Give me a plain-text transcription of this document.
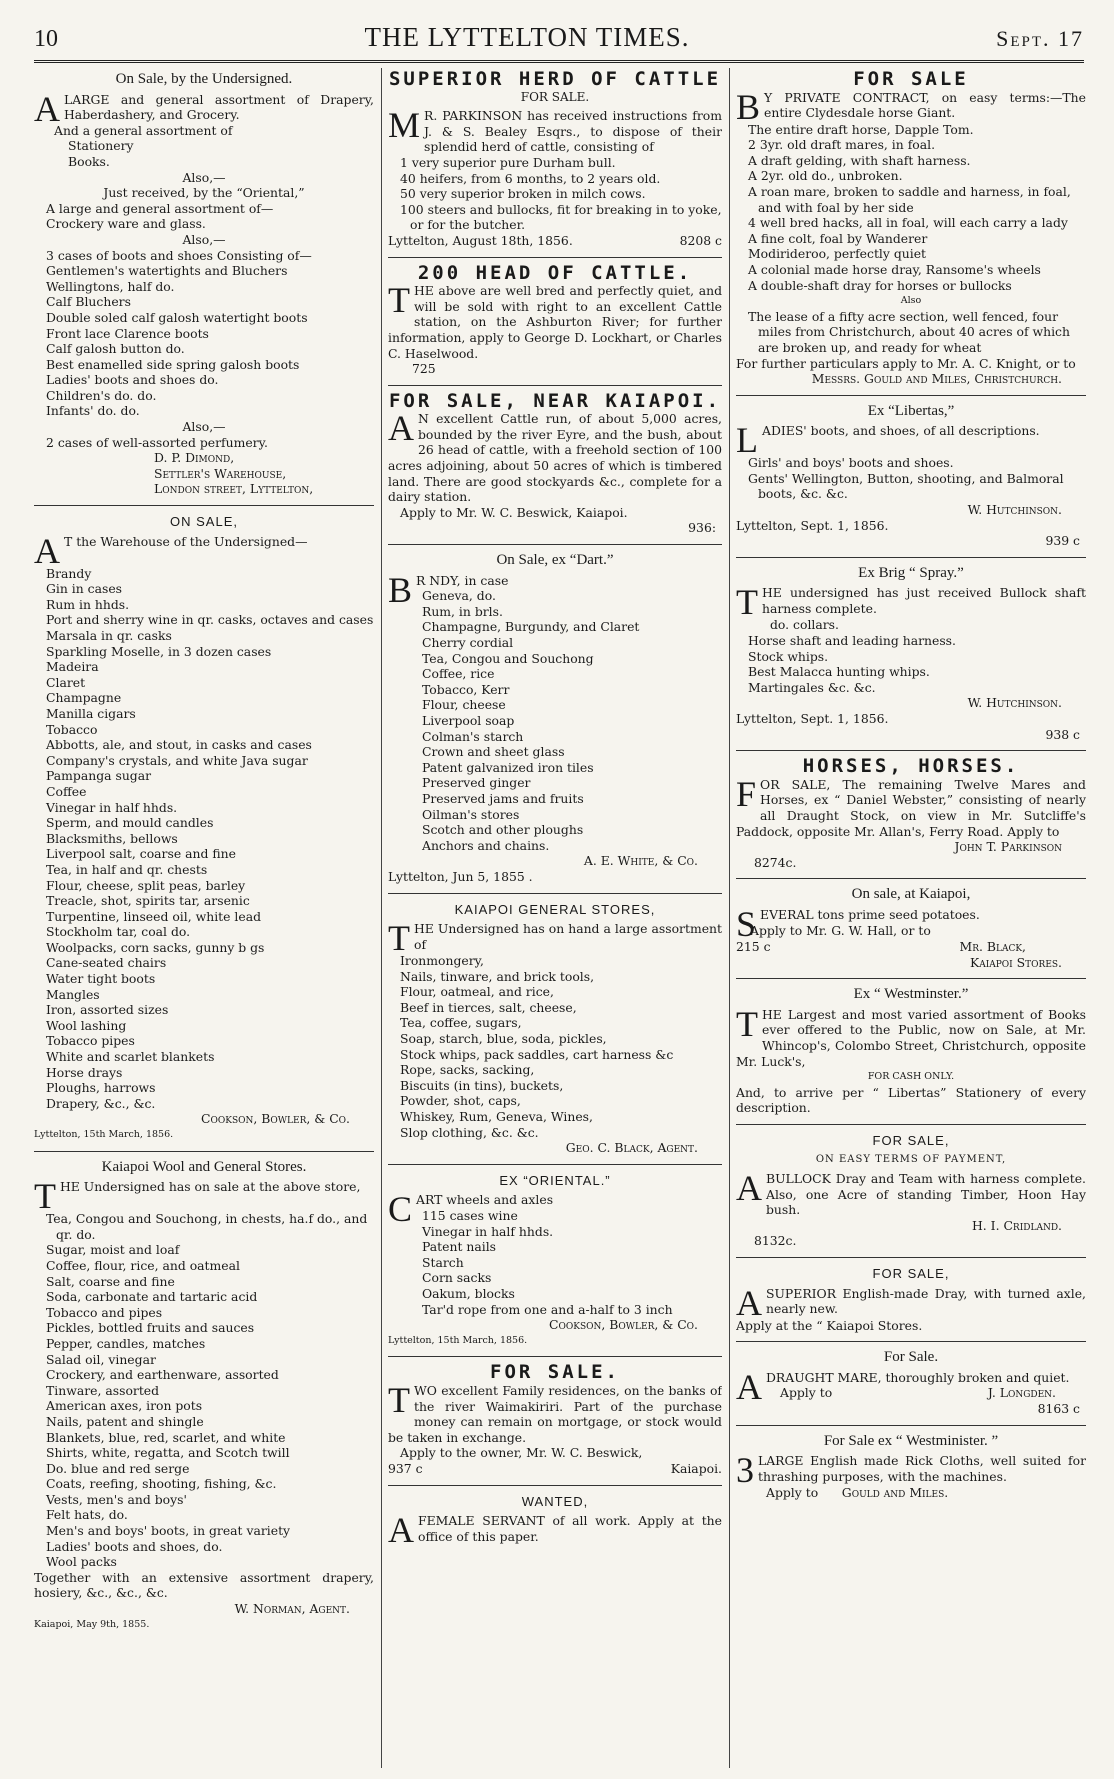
10	THE LYTTELTON TIMES.	Sept. 17
On Sale, by the Undersigned.
ALARGE and general assortment of Drapery, Haberdashery, and Grocery.
And a general assortment of
Stationery
Books.
Also,—
Just received, by the “Oriental,”
A large and general assortment of—
Crockery ware and glass.
Also,—
3 cases of boots and shoes Consisting of—
Gentlemen's watertights and Bluchers
Wellingtons, half do.
Calf Bluchers
Double soled calf galosh watertight boots
Front lace Clarence boots
Calf galosh button do.
Best enamelled side spring galosh boots
Ladies' boots and shoes do.
Children's do. do.
Infants' do. do.
Also,—
2 cases of well-assorted perfumery.
D. P. Dimond,
Settler's Warehouse,
London street, Lyttelton,
ON SALE,
A T the Warehouse of the Undersigned—
Brandy
Gin in cases
Rum in hhds.
Port and sherry wine in qr. casks, octaves and cases
Marsala in qr. casks
Sparkling Moselle, in 3 dozen cases
Madeira
Claret
Champagne
Manilla cigars
Tobacco
Abbotts, ale, and stout, in casks and cases
Company's crystals, and white Java sugar
Pampanga sugar
Coffee
Vinegar in half hhds.
Sperm, and mould candles
Blacksmiths, bellows
Liverpool salt, coarse and fine
Tea, in half and qr. chests
Flour, cheese, split peas, barley
Treacle, shot, spirits tar, arsenic
Turpentine, linseed oil, white lead
Stockholm tar, coal do.
Woolpacks, corn sacks, gunny b gs
Cane-seated chairs
Water tight boots
Mangles
Iron, assorted sizes
Wool lashing
Tobacco pipes
White and scarlet blankets
Horse drays
Ploughs, harrows
Drapery, &c., &c.
Cookson, Bowler, & Co.
Lyttelton, 15th March, 1856.
Kaiapoi Wool and General Stores.
THE Undersigned has on sale at the above store,
Tea, Congou and Souchong, in chests, ha.f do., and qr. do.
Sugar, moist and loaf
Coffee, flour, rice, and oatmeal
Salt, coarse and fine
Soda, carbonate and tartaric acid
Tobacco and pipes
Pickles, bottled fruits and sauces
Pepper, candles, matches
Salad oil, vinegar
Crockery, and earthenware, assorted
Tinware, assorted
American axes, iron pots
Nails, patent and shingle
Blankets, blue, red, scarlet, and white
Shirts, white, regatta, and Scotch twill
Do. blue and red serge
Coats, reefing, shooting, fishing, &c.
Vests, men's and boys'
Felt hats, do.
Men's and boys' boots, in great variety
Ladies' boots and shoes, do.
Wool packs
Together with an extensive assortment drapery, hosiery, &c., &c., &c.
W. Norman, Agent.
Kaiapoi, May 9th, 1855.
SUPERIOR HERD OF CATTLE
FOR SALE.
M R. PARKINSON has received instructions from J. & S. Bealey Esqrs., to dispose of their splendid herd of cattle, consisting of
1 very superior pure Durham bull.
40 heifers, from 6 months, to 2 years old.
50 very superior broken in milch cows.
100 steers and bullocks, fit for breaking in to yoke, or for the butcher.
Lyttelton, August 18th, 1856.	8208 c
200 HEAD OF CATTLE.
THE above are well bred and perfectly quiet, and will be sold with right to an excellent Cattle station, on the Ashburton River; for further information, apply to George D. Lockhart, or Charles C. Haselwood.
725
FOR SALE, NEAR KAIAPOI.
A N excellent Cattle run, of about 5,000 acres, bounded by the river Eyre, and the bush, about 26 head of cattle, with a freehold section of 100 acres adjoining, about 50 acres of which is timbered land. There are good stockyards &c., complete for a dairy station.
Apply to Mr. W. C. Beswick, Kaiapoi.
936:
On Sale, ex “Dart.”
B R NDY, in case
Geneva, do.
Rum, in brls.
Champagne, Burgundy, and Claret
Cherry cordial
Tea, Congou and Souchong
Coffee, rice
Tobacco, Kerr
Flour, cheese
Liverpool soap
Colman's starch
Crown and sheet glass
Patent galvanized iron tiles
Preserved ginger
Preserved jams and fruits
Oilman's stores
Scotch and other ploughs
Anchors and chains.
A. E. White, & Co.
Lyttelton, Jun 5, 1855 .
KAIAPOI GENERAL STORES,
THE Undersigned has on hand a large assortment of
Ironmongery,
Nails, tinware, and brick tools,
Flour, oatmeal, and rice,
Beef in tierces, salt, cheese,
Tea, coffee, sugars,
Soap, starch, blue, soda, pickles,
Stock whips, pack saddles, cart harness &c
Rope, sacks, sacking,
Biscuits (in tins), buckets,
Powder, shot, caps,
Whiskey, Rum, Geneva, Wines,
Slop clothing, &c. &c.
Geo. C. Black, Agent.
EX “ORIENTAL.”
CART wheels and axles
115 cases wine
Vinegar in half hhds.
Patent nails
Starch
Corn sacks
Oakum, blocks
Tar'd rope from one and a-half to 3 inch
Cookson, Bowler, & Co.
Lyttelton, 15th March, 1856.
FOR SALE.
TWO excellent Family residences, on the banks of the river Waimakiriri. Part of the purchase money can remain on mortgage, or stock would be taken in exchange.
Apply to the owner, Mr. W. C. Beswick,
937 c	Kaiapoi.
WANTED,
AFEMALE SERVANT of all work. Apply at the office of this paper.
FOR SALE
B Y PRIVATE CONTRACT, on easy terms:—The entire Clydesdale horse Giant.
The entire draft horse, Dapple Tom.
2 3yr. old draft mares, in foal.
A draft gelding, with shaft harness.
A 2yr. old do., unbroken.
A roan mare, broken to saddle and harness, in foal, and with foal by her side
4 well bred hacks, all in foal, will each carry a lady
A fine colt, foal by Wanderer
Modirideroo, perfectly quiet
A colonial made horse dray, Ransome's wheels
A double-shaft dray for horses or bullocks
Also
The lease of a fifty acre section, well fenced, four miles from Christchurch, about 40 acres of which are broken up, and ready for wheat
For further particulars apply to Mr. A. C. Knight, or to
Messrs. Gould and Miles, Christchurch.
Ex “Libertas,”
LADIES' boots, and shoes, of all descriptions.
Girls' and boys' boots and shoes.
Gents' Wellington, Button, shooting, and Balmoral boots, &c. &c.
W. Hutchinson.
Lyttelton, Sept. 1, 1856.
939 c
Ex Brig “ Spray.”
THE undersigned has just received Bullock shaft harness complete.
do. collars.
Horse shaft and leading harness.
Stock whips.
Best Malacca hunting whips.
Martingales &c. &c.
W. Hutchinson.
Lyttelton, Sept. 1, 1856.
938 c
HORSES, HORSES.
FOR SALE, The remaining Twelve Mares and Horses, ex “ Daniel Webster,” consisting of nearly all Draught Stock, on view in Mr. Sutcliffe's Paddock, opposite Mr. Allan's, Ferry Road. Apply to
John T. Parkinson
8274c.
On sale, at Kaiapoi,
SEVERAL tons prime seed potatoes.
Apply to Mr. G. W. Hall, or to
215 c	Mr. Black,
Kaiapoi Stores.
Ex “ Westminster.”
THE Largest and most varied assortment of Books ever offered to the Public, now on Sale, at Mr. Whincop's, Colombo Street, Christchurch, opposite Mr. Luck's,
FOR CASH ONLY.
And, to arrive per “ Libertas” Stationery of every description.
FOR SALE,
ON EASY TERMS OF PAYMENT,
ABULLOCK Dray and Team with harness complete. Also, one Acre of standing Timber, Hoon Hay bush.
H. I. Cridland.
8132c.
FOR SALE,
ASUPERIOR English-made Dray, with turned axle, nearly new.
Apply at the “ Kaiapoi Stores.
For Sale.
ADRAUGHT MARE, thoroughly broken and quiet.
Apply to	J. Longden.
8163 c
For Sale ex “ Westminister. ”
3 LARGE English made Rick Cloths, well suited for thrashing purposes, with the machines.
Apply to Gould and Miles.
